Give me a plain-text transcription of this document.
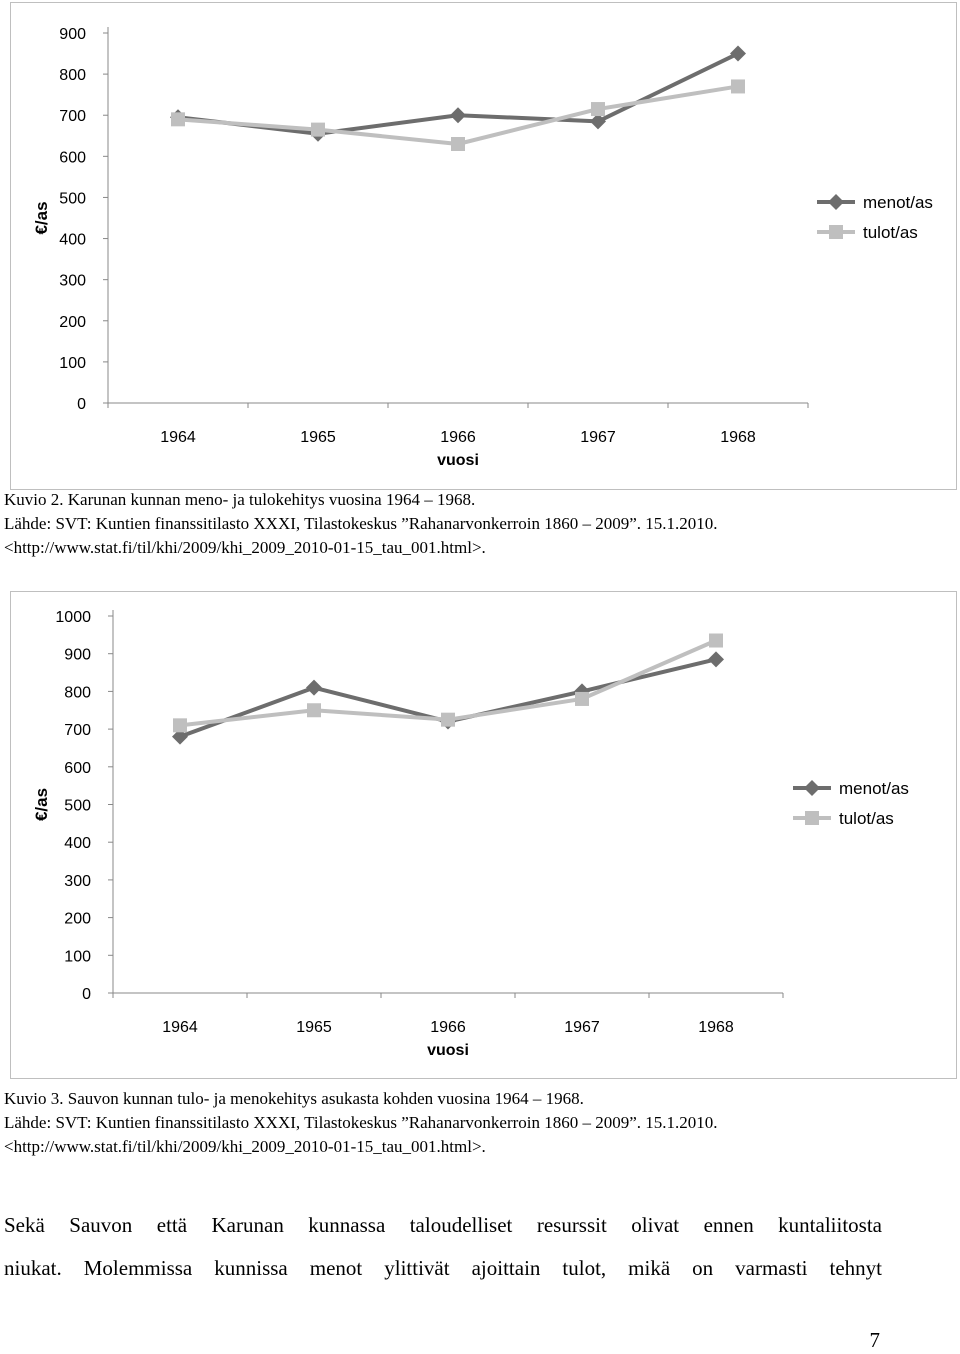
0
100
200
300
400
500
600
700
800
900
1964	1965	1966	1967	1968
vuosi
€/as	menot/as
tulot/as
Kuvio 2. Karunan kunnan meno- ja tulokehitys vuosina 1964 – 1968.
Lähde: SVT: Kuntien finanssitilasto XXXI, Tilastokeskus ”Rahanarvonkerroin 1860 – 2009”. 15.1.2010.
<http://www.stat.fi/til/khi/2009/khi_2009_2010-01-15_tau_001.html>.
0
100
200
300
400
500
600
700
800
900
1000
1964	1965	1966	1967	1968
vuosi
€/as	menot/as
tulot/as
Kuvio 3. Sauvon kunnan tulo- ja menokehitys asukasta kohden vuosina 1964 – 1968.
Lähde: SVT: Kuntien finanssitilasto XXXI, Tilastokeskus ”Rahanarvonkerroin 1860 – 2009”. 15.1.2010.
<http://www.stat.fi/til/khi/2009/khi_2009_2010-01-15_tau_001.html>.
Sekä Sauvon että Karunan kunnassa taloudelliset resurssit olivat ennen kuntaliitosta
niukat. Molemmissa kunnissa menot ylittivät ajoittain tulot, mikä on varmasti tehnyt
7
